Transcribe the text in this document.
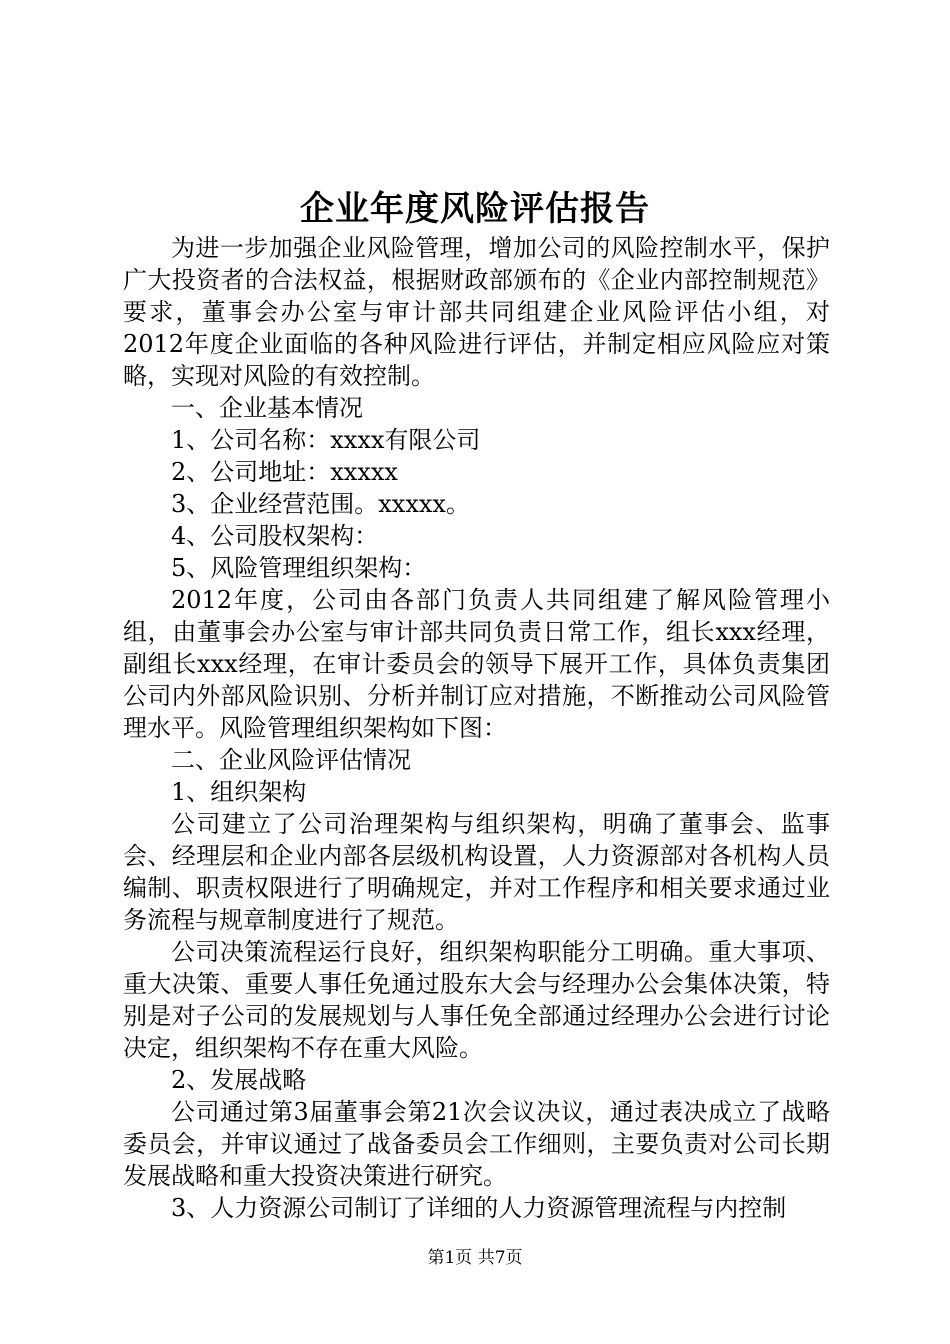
企业年度风险评估报告

为进一步加强企业风险管理，增加公司的风险控制水平，保护广大投资者的合法权益，根据财政部颁布的《企业内部控制规范》要求，董事会办公室与审计部共同组建企业风险评估小组，对2012年度企业面临的各种风险进行评估，并制定相应风险应对策略，实现对风险的有效控制。

一、企业基本情况

1、公司名称：xxxx有限公司

2、公司地址：xxxxx

3、企业经营范围。xxxxx。

4、公司股权架构：

5、风险管理组织架构：

2012年度，公司由各部门负责人共同组建了解风险管理小组，由董事会办公室与审计部共同负责日常工作，组长xxx经理，副组长xxx经理，在审计委员会的领导下展开工作，具体负责集团公司内外部风险识别、分析并制订应对措施，不断推动公司风险管理水平。风险管理组织架构如下图：

二、企业风险评估情况

1、组织架构

公司建立了公司治理架构与组织架构，明确了董事会、监事会、经理层和企业内部各层级机构设置，人力资源部对各机构人员编制、职责权限进行了明确规定，并对工作程序和相关要求通过业务流程与规章制度进行了规范。

公司决策流程运行良好，组织架构职能分工明确。重大事项、重大决策、重要人事任免通过股东大会与经理办公会集体决策，特别是对子公司的发展规划与人事任免全部通过经理办公会进行讨论决定，组织架构不存在重大风险。

2、发展战略

公司通过第3届董事会第21次会议决议，通过表决成立了战略委员会，并审议通过了战备委员会工作细则，主要负责对公司长期发展战略和重大投资决策进行研究。

3、人力资源公司制订了详细的人力资源管理流程与内控制

第1页 共7页
